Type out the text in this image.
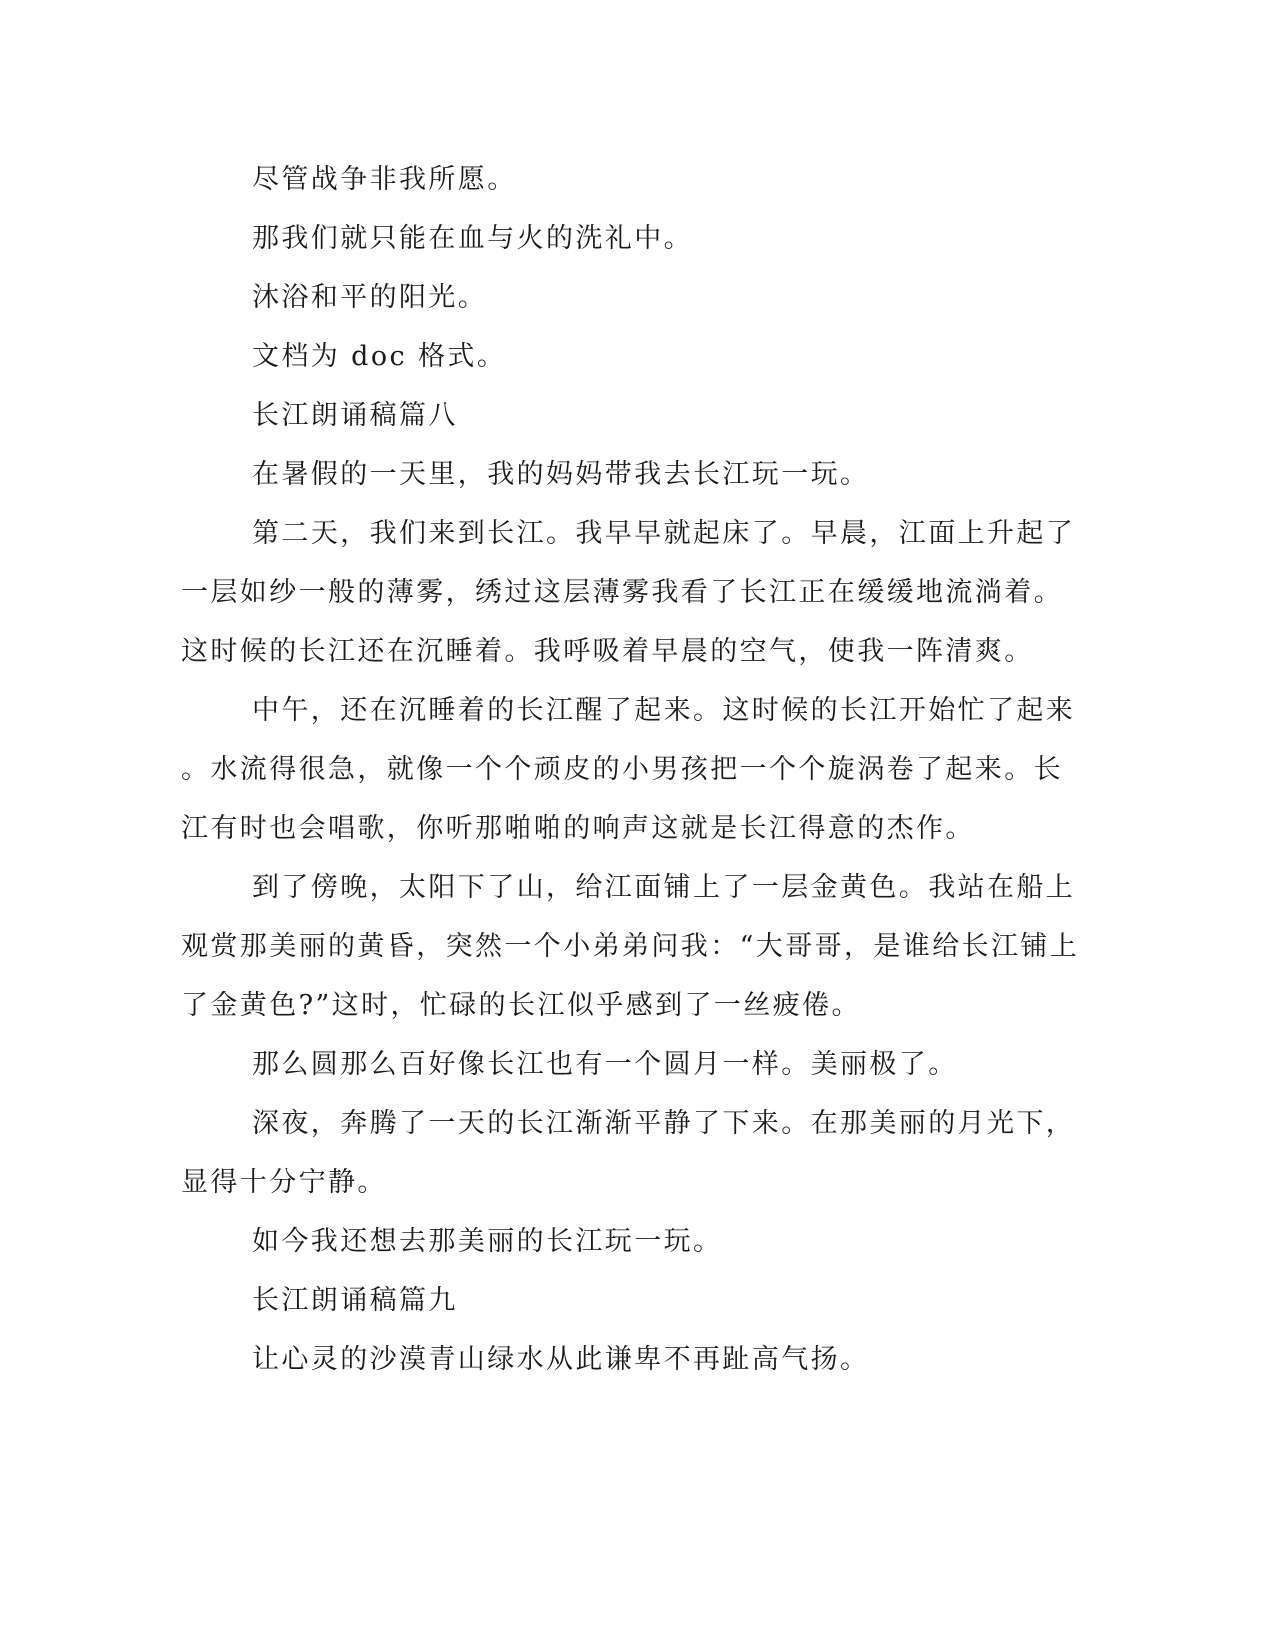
尽管战争非我所愿。
那我们就只能在血与火的洗礼中。
沐浴和平的阳光。
文档为 doc 格式。
长江朗诵稿篇八
在暑假的一天里，我的妈妈带我去长江玩一玩。
第二天，我们来到长江。我早早就起床了。早晨，江面上升起了
一层如纱一般的薄雾，绣过这层薄雾我看了长江正在缓缓地流淌着。
这时候的长江还在沉睡着。我呼吸着早晨的空气，使我一阵清爽。
中午，还在沉睡着的长江醒了起来。这时候的长江开始忙了起来
。水流得很急，就像一个个顽皮的小男孩把一个个旋涡卷了起来。长
江有时也会唱歌，你听那啪啪的响声这就是长江得意的杰作。
到了傍晚，太阳下了山，给江面铺上了一层金黄色。我站在船上
观赏那美丽的黄昏，突然一个小弟弟问我：“大哥哥，是谁给长江铺上
了金黄色?”这时，忙碌的长江似乎感到了一丝疲倦。
那么圆那么百好像长江也有一个圆月一样。美丽极了。
深夜，奔腾了一天的长江渐渐平静了下来。在那美丽的月光下，
显得十分宁静。
如今我还想去那美丽的长江玩一玩。
长江朗诵稿篇九
让心灵的沙漠青山绿水从此谦卑不再趾高气扬。
